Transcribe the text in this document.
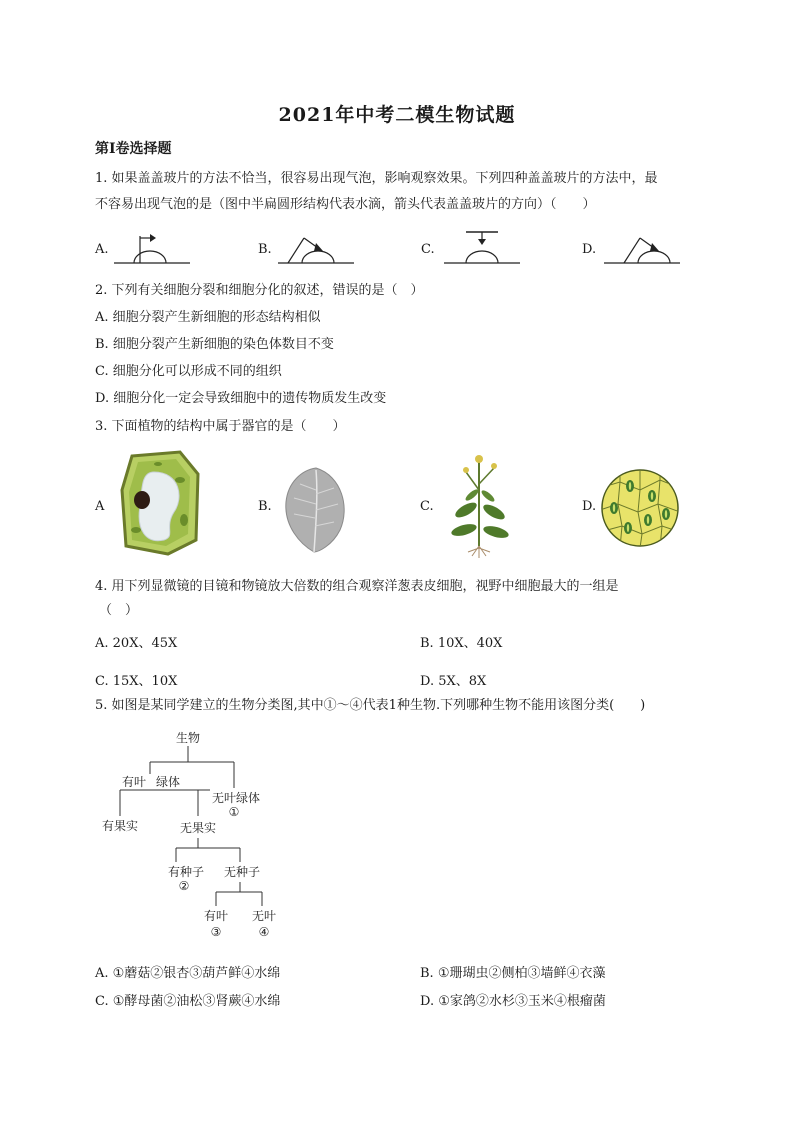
2021年中考二模生物试题
第Ⅰ卷选择题
1. 如果盖盖玻片的方法不恰当，很容易出现气泡，影响观察效果。下列四种盖盖玻片的方法中，最
不容易出现气泡的是（图中半扁圆形结构代表水滴，箭头代表盖盖玻片的方向）（　　）
A.	B.	C.	D.
2. 下列有关细胞分裂和细胞分化的叙述，错误的是（　）
A. 细胞分裂产生新细胞的形态结构相似
B. 细胞分裂产生新细胞的染色体数目不变
C. 细胞分化可以形成不同的组织
D. 细胞分化一定会导致细胞中的遗传物质发生改变
3. 下面植物的结构中属于器官的是（　　）
A	B.	C.	D.
4. 用下列显微镜的目镜和物镜放大倍数的组合观察洋葱表皮细胞，视野中细胞最大的一组是
（　）
A. 20X、45X	B. 10X、40X
C. 15X、10X	D. 5X、8X
5. 如图是某同学建立的生物分类图,其中①～④代表1种生物.下列哪种生物不能用该图分类(　　)
生物
有叶 绿体
无叶绿体
①
有果实	无果实
有种子
②
无种子
有叶
③
无叶
④
A. ①蘑菇②银杏③葫芦鲜④水绵	B. ①珊瑚虫②侧柏③墙鲜④衣藻
C. ①酵母菌②油松③肾蕨④水绵	D. ①家鸽②水杉③玉米④根瘤菌
